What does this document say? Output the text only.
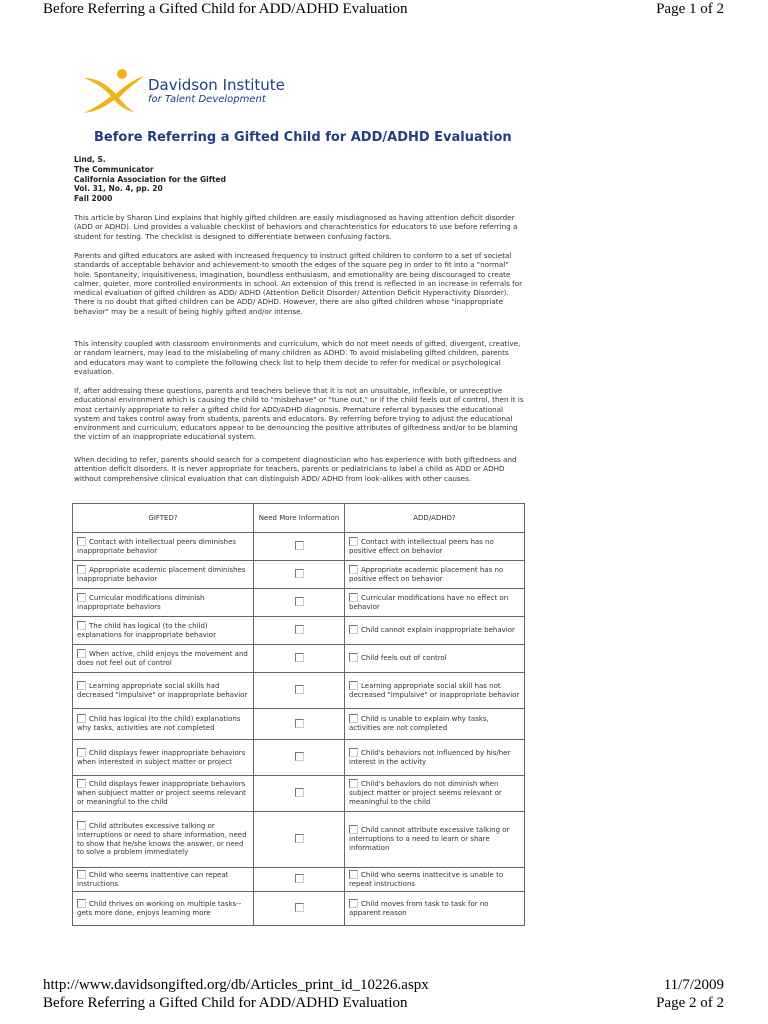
Before Referring a Gifted Child for ADD/ADHD Evaluation	Page 1 of 2
Davidson Institute
for Talent Development
Before Referring a Gifted Child for ADD/ADHD Evaluation
Lind, S.
The Communicator
California Association for the Gifted
Vol. 31, No. 4, pp. 20
Fall 2000

This article by Sharon Lind explains that highly gifted children are easily misdiagnosed as having attention deficit disorder (ADD or ADHD). Lind provides a valuable checklist of behaviors and charachteristics for educators to use before referring a student for testing. The checklist is designed to differentiate between confusing factors.

Parents and gifted educators are asked with increased frequency to instruct gifted children to conform to a set of societal standards of acceptable behavior and achievement-to smooth the edges of the square peg in order to fit into a "normal" hole. Spontaneity, inquisitiveness, imagination, boundless enthusiasm, and emotionality are being discouraged to create calmer, quieter, more controlled environments in school. An extension of this trend is reflected in an increase in referrals for medical evaluation of gifted children as ADD/ ADHD (Attention Deficit Disorder/ Attention Deficit Hyperactivity Disorder). There is no doubt that gifted children can be ADD/ ADHD. However, there are also gifted children whose "inappropriate behavior" may be a result of being highly gifted and/or intense.

This intensity coupled with classroom environments and curriculum, which do not meet needs of gifted, divergent, creative, or random learners, may lead to the mislabeling of many children as ADHD. To avoid mislabeling gifted children, parents and educators may want to complete the following check list to help them decide to refer for medical or psychological evaluation.

If, after addressing these questions, parents and teachers believe that it is not an unsuitable, inflexible, or unreceptive educational environment which is causing the child to "misbehave" or "tune out," or if the child feels out of control, then it is most certainly appropriate to refer a gifted child for ADD/ADHD diagnosis. Premature referral bypasses the educational system and takes control away from students, parents and educators. By referring before trying to adjust the educational environment and curriculum, educators appear to be denouncing the positive attributes of giftedness and/or to be blaming the victim of an inappropriate educational system.

When deciding to refer, parents should search for a competent diagnostician who has experience with both giftedness and attention deficit disorders. It is never appropriate for teachers, parents or pediatricians to label a child as ADD or ADHD without comprehensive clinical evaluation that can distinguish ADD/ ADHD from look-alikes with other causes.

GIFTED?	Need More Information	ADD/ADHD?
Contact with intellectual peers diminishes inappropriate behavior		Contact with intellectual peers has no positive effect on behavior
Appropriate academic placement diminishes inappropriate behavior		Appropriate academic placement has no positive effect on behavior
Curricular modifications diminish inappropriate behaviors		Curricular modifications have no effect on behavior
The child has logical (to the child) explanations for inappropriate behavior		Child cannot explain inappropriate behavior
When active, child enjoys the movement and does not feel out of control		Child feels out of control
Learning appropriate social skills had decreased "impulsive" or inappropriate behavior		Learning appropriate social skill has not decreased "impulsive" or inappropriate behavior
Child has logical (to the child) explanations why tasks, activities are not completed		Child is unable to explain why tasks, activities are not completed
Child displays fewer inappropriate behaviors when interested in subject matter or project		Child's behaviors not influenced by his/her interest in the activity
Child displays fewer inappropriate behaviors when subjuect matter or project seems relevant or meaningful to the child		Child's behaviors do not diminish when subject matter or project seems relevant or meaningful to the child
Child attributes excessive talking or interruptions or need to share information, need to show that he/she knows the answer, or need to solve a problem immediately		Child cannot attribute excessive talking or interruptions to a need to learn or share information
Child who seems inattentive can repeat instructions		Child who seems inattecitve is unable to repeat instructions
Child thrives on working on multiple tasks-- gets more done, enjoys learning more		Child moves from task to task for no apparent reason
http://www.davidsongifted.org/db/Articles_print_id_10226.aspx	11/7/2009
Before Referring a Gifted Child for ADD/ADHD Evaluation	Page 2 of 2
